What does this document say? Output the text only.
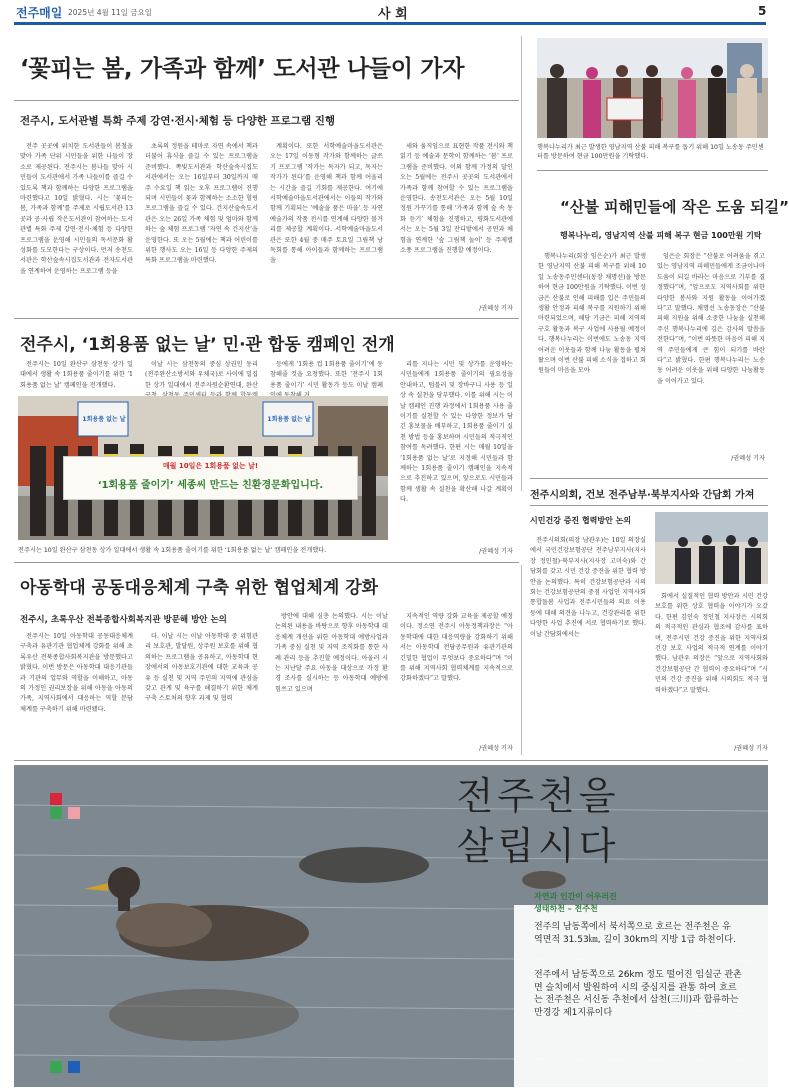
전주매일 2025년 4월 11일 금요일	사 회	5
‘꽃피는 봄, 가족과 함께’ 도서관 나들이 가자
전주시, 도서관별 특화 주제 강연·전시·체험 등 다양한 프로그램 진행

전주 곳곳에 위치한 도서관들이 봄철을 맞아 가족 단위 시민들을 위한 나들이 장소로 제공된다. 전주시는 봄나들 맞아 시민들이 도서관에서 가족 나들이를 즐길 수 있도록 책과 함께하는 다양한 프로그램을 마련했다고 10일 밝혔다. 시는 ‘꽃피는 봄, 가족과 함께’를 주제로 시립도서관 13곳과 공·사립 작은도서관이 참여하는 도서관별 특화 주제 강연·전시·체험 등 다양한 프로그램을 운영해 시민들의 독서문화 활성화를 도모한다는 구상이다. 먼저 송천도서관은 학산숲속시집도서관과 전자도서관을 연계하여 운영하는 프로그램 등을

초록의 정원을 테마로 자연 속에서 책과 더불어 휴식을 즐길 수 있는 프로그램을 준비했다. 쪽빛도서관과 학산숲속시집도서관에서는 오는 16일부터 30일까지 매주 수요일 책 읽는 오후 프로그램이 진행되며 시민들이 꽃과 함께하는 소소한 힐링 프로그램을 즐길 수 있다. 건지산숲속도서관은 오는 26일 가족 체험 및 엄마와 함께하는 숲 체험 프로그램 ‘자연 속 건지산’을 운영한다. 또 오는 5월에는 책과 어린이를 위한 행사도 오는 16일 등 다양한 주제의 특화 프로그램을 마련했다.

계획이다. 또한 서학예술마을도서관은 오는 17일 이동형 작가와 함께하는 글쓰기 프로그램 ‘작가는 독자가 되고, 독자는 작가가 된다’를 운영해 책과 함께 어울리는 시간을 즐길 기회를 제공한다. 여기에 서학예술마을도서관에서는 이들의 작가와 함께 기획되는 ‘예술을 품은 마을’ 등 자연 예술가의 작품 전시를 연계해 다양한 볼거리를 제공할 계획이다. 서학예술마을도서관은 또한 4월 중 매주 토요일 그림책 낭독회를 통해 아이들과 함께하는 프로그램을

세와 움직임으로 표현한 작품 전시와 책 읽기 등 예술과 문학이 함께하는 ‘봄’ 프로그램을 준비했다. 이외 함께 가정의 달인 오는 5월에는 전주시 곳곳의 도서관에서 가족과 함께 참여할 수 있는 프로그램을 운영한다. 송천도서관은 오는 5월 10일 정원 가꾸기를 통해 ‘가족과 함께 숲 속 동화 듣기’ 체험을 진행하고, 평화도서관에서는 오는 5월 3일 잔디밭에서 공연과 체험을 연계한 ‘숲 그림책 놀이’ 등 주제별 소풍 프로그램을 진행할 예정이다.

/권혜성 기자
행복나누리가 최근 발생한 영남지역 산불 피해 복구를 돕기 위해 10일 노송동 주민센터를 방문하여 현금 100만원을 기탁했다.
“산불 피해민들에 작은 도움 되길”
행복나누리, 영남지역 산불 피해 복구 현금 100만원 기탁

행복나누리(회장 임은순)가 최근 발생한 영남지역 산불 피해 복구를 위해 10일 노송동주민센터(동장 채명선)을 방문하여 현금 100만원을 기탁했다. 이번 성금은 산불로 인해 피해를 입은 주민들의 생활 안정과 피해 복구를 지원하기 위해 마련되었으며, 해당 기금은 피해 지역의 구호 활동과 복구 사업에 사용될 예정이다. 행복나누리는 이번에도 노송동 지역 어려운 이웃들과 함께 나눔 활동을 펼쳐왔으며 이번 산불 피해 소식을 접하고 회원들이 마음을 모아

임은순 회장은 “산불로 어려움을 겪고 있는 영남지역 피해민들에게 조금이나마 도움이 되길 바라는 마음으로 기부를 결정했다”며, “앞으로도 지역사회를 위한 다양한 봉사와 지원 활동을 이어가겠다”고 말했다. 채명선 노송동장은 “산불피해 지원을 위해 소중한 나눔을 실천해주신 행복나누리에 깊은 감사의 말씀을 전한다”며, “이번 따뜻한 마음이 피해 지역 주민들에게 큰 힘이 되기를 바란다”고 밝혔다. 한편 행복나누리는 노송동 어려운 이웃을 위해 다양한 나눔활동을 이어가고 있다.

/권혜성 기자
전주시, ‘1회용품 없는 날’ 민·관 합동 캠페인 전개

전주시는 10일 완산구 삼천동 상가 일대에서 생활 속 1회용품 줄이기를 위한 ‘1회용품 없는 날’ 캠페인을 전개했다.

이날 시는 삼천동의 중심 상권인 동리(전주완산소방서와 우체국)로 사이에 밀집한 상가 일대에서 전주자원순환연대, 완산

등에게 ‘1회용 컵 1회용품 줄이기’에 동참해줄 것을 요청했다. 또한 ‘전주시 1회용품 줄이기’ 시민 활동가 등도 이날 캠페

리를 지나는 시민 및 상가를 운영하는 시민들에게 1회용품 줄이기의 필요성을 안내하고, 텀블러 및 장바구니 사용 등 일상 속 실천을 당부했다. 이를 위해 시는 이날 캠페인 진행 과정에서 1회용품 사용 줄이기를 실천할 수 있는 다양한 정보가 담긴 홍보물을 배부하고, 1회용품 줄이기 실천 방법 등을 홍보하며 시민들의 적극적인 참여를 독려했다. 한편 시는 매월 10일을 ‘1회용품 없는 날’로 지정해 시민들과 함께하는 1회용품 줄이기 캠페인을 지속적으로 추진하고 있으며, 앞으로도 시민들과 함께 생활 속 실천을 확산해 나갈 계획이다.

/권혜성 기자
1회용품 없는 날	1회용품 없는 날
매월 10일은 1회용품 없는 날!
‘1회용품 줄이기’ 세종씨 만드는 친환경문화입니다.
전주시는 10일 완산구 삼천동 상가 일대에서 생활 속 1회용품 줄이기를 위한 ‘1회용품 없는 날’ 캠페인을 전개했다.
전주시의회, 건보 전주남부·북부지사와 간담회 가져
시민건강 증진 협력방안 논의

전주시의회(의장 남관우)는 10일 의장실에서 국민건강보험공단 전주남부지사(지사장 정인철)·북부지사(지사장 고미숙)와 간담회를 갖고 시민 건강 증진을 위한 협력 방안을 논의했다. 특히 건강보험공단과 시의회는 건강보험공단의 중점 사업인 지역사회 통합돌봄 사업과 전주시민들의 의료 이용 등에 대해 의견을 나누고, 건강관리를 위한 다양한 사업 추진에 서로 협력하기로 했다. 이날 간담회에서는

회에서 실질적인 협력 방안과 시민 건강 보호를 위한 상호 협력을 이야기가 오갔다. 한편 김인숙 정인철 지사장은 시의회의 적극적인 관심과 협조에 감사를 표하며, 전주시민 건강 증진을 위한 지역사회 건강 보호 사업의 적극적 연계를 이야기 했다. 남관우 의장은 “앞으로 지역사회와 건강보험공단 간 협력이 중요하다”며 “시민의 건강 증진을 위해 시의회도 적극 협력하겠다”고 말했다.

/권혜성 기자
아동학대 공동대응체계 구축 위한 협업체계 강화
전주시, 초록우산 전북종합사회복지관 방문해 방안 논의

전주시는 10일 아동학대 공동대응체계 구축과 유관기관 협업체계 강화를 위해 초록우산 전북종합사회복지관을 방문했다고 밝혔다. 이번 방문은 아동학대 대응기관들과 기관의 업무와 역할을 이해하고, 아동의 가정인 권리보장을 위해 아동을 아동의 가족, 지역사회에서 대응하는 역할 분담 체계를 구축하기 위해 마련됐다.

다. 이날 시는 이날 아동학대 중 위험관리 보호관, 발달원, 상주원 보호를 위해 협의하는 프로그램을 공유하고, 아동학대 현장에서의 아동보호기관에 대한 교육과 공유 등 실천 및 지역 주민의 지역에 관심을 갖고 관계 및 육구를 해결하기 위한 체계 구축 스토처의 향후 과제 및 협력

방안에 대해 심층 논의했다. 시는 이날 논의된 내용을 바탕으로 향후 아동학대 대응체계 개선을 위한 아동학대 예방사업과 가족 중심 실천 및 지역 조직화를 통한 사례 관리 등을 추진할 예정이다. 아울러 시는 지난달 주요 아동을 대상으로 가정 환경 조사를 실시하는 등 아동학대 예방에 힘쓰고 있으며

지속적인 역량 강화 교육을 제공할 예정이다. 정소연 전주시 아동정책과장은 “아동학대에 대한 대응역량을 강화하기 위해서는 아동학대 전담공무원과 유관기관의 긴밀한 협업이 무엇보다 중요하다”며 “이를 위해 지역사회 협력체계를 지속적으로 강화하겠다”고 말했다.

/권혜성 기자
전주천을 살립시다
자연과 인간이 어우러진
생태하천 – 전주천
전주의 남동쪽에서 북서쪽으로 흐르는 전주천은 유역면적 31.53㎞, 길이 30km의 지방 1급 하천이다.
전주에서 남동쪽으로 26km 정도 떨어진 임실군 관촌면 슬치에서 발원하여 시의 중심지를 관통 하여 흐르는 전주천은 서신동 추천에서 삼천(三川)과 합류하는 만경강 제1지류이다
